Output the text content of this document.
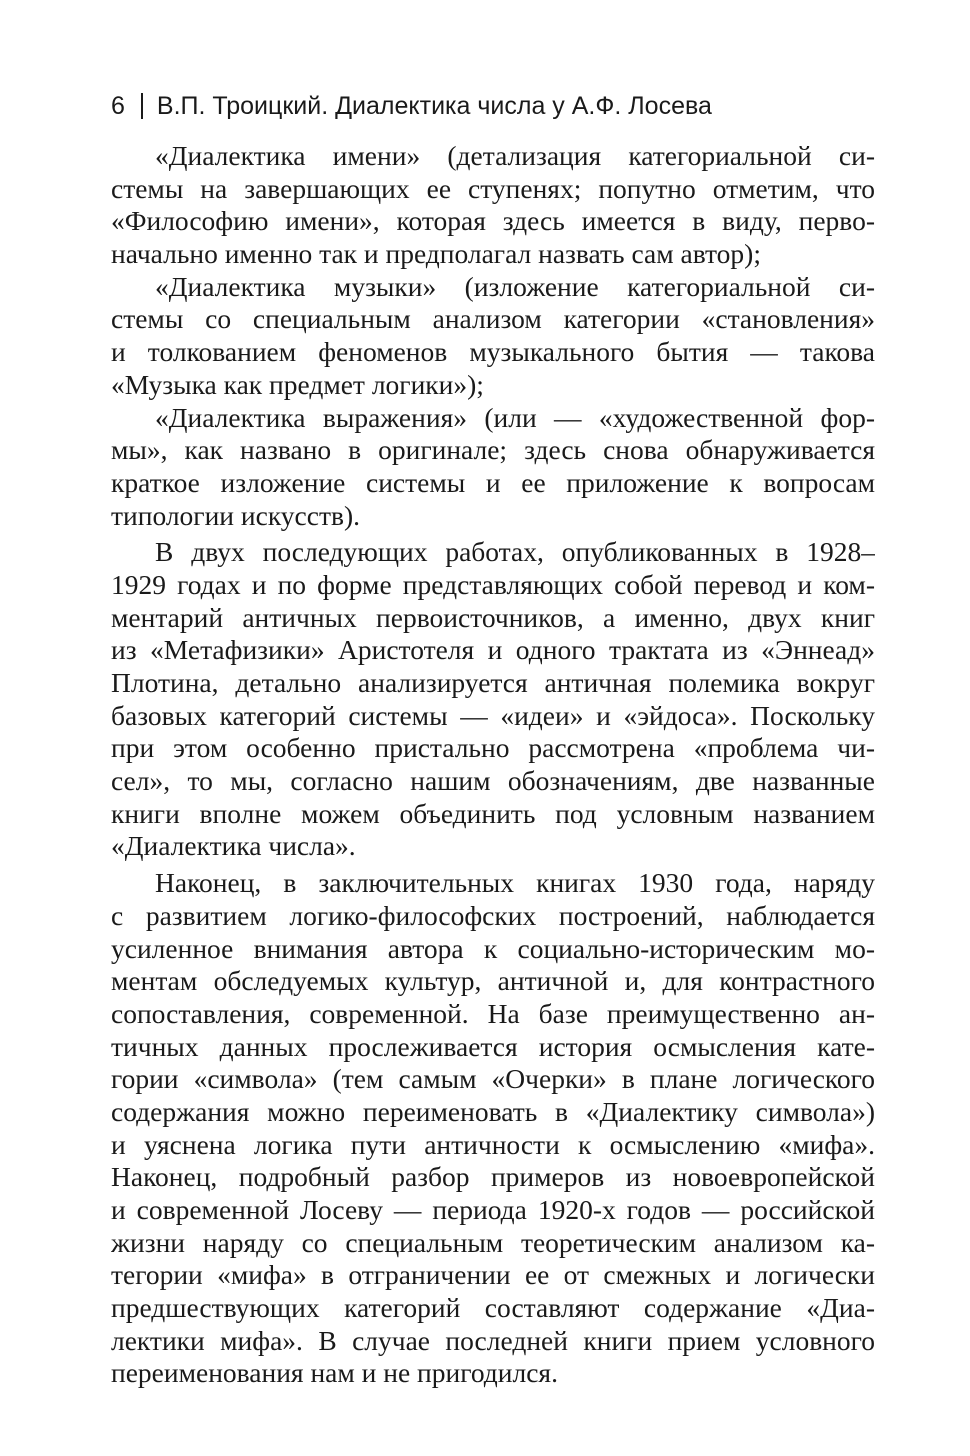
6 В.П. Троицкий. Диалектика числа у А.Ф. Лосева
«Диалектика имени» (детализация категориальной си-
стемы на завершающих ее ступенях; попутно отметим, что
«Философию имени», которая здесь имеется в виду, перво-
начально именно так и предполагал назвать сам автор);
«Диалектика музыки» (изложение категориальной си-
стемы со специальным анализом категории «становления»
и толкованием феноменов музыкального бытия — такова
«Музыка как предмет логики»);
«Диалектика выражения» (или — «художественной фор-
мы», как названо в оригинале; здесь снова обнаруживается
краткое изложение системы и ее приложение к вопросам
типологии искусств).
В двух последующих работах, опубликованных в 1928–
1929 годах и по форме представляющих собой перевод и ком-
ментарий античных первоисточников, а именно, двух книг
из «Метафизики» Аристотеля и одного трактата из «Эннеад»
Плотина, детально анализируется античная полемика вокруг
базовых категорий системы — «идеи» и «эйдоса». Поскольку
при этом особенно пристально рассмотрена «проблема чи-
сел», то мы, согласно нашим обозначениям, две названные
книги вполне можем объединить под условным названием
«Диалектика числа».
Наконец, в заключительных книгах 1930 года, наряду
с развитием логико-философских построений, наблюдается
усиленное внимания автора к социально-историческим мо-
ментам обследуемых культур, античной и, для контрастного
сопоставления, современной. На базе преимущественно ан-
тичных данных прослеживается история осмысления кате-
гории «символа» (тем самым «Очерки» в плане логического
содержания можно переименовать в «Диалектику символа»)
и уяснена логика пути античности к осмыслению «мифа».
Наконец, подробный разбор примеров из новоевропейской
и современной Лосеву — периода 1920-х годов — российской
жизни наряду со специальным теоретическим анализом ка-
тегории «мифа» в отграничении ее от смежных и логически
предшествующих категорий составляют содержание «Диа-
лектики мифа». В случае последней книги прием условного
переименования нам и не пригодился.
